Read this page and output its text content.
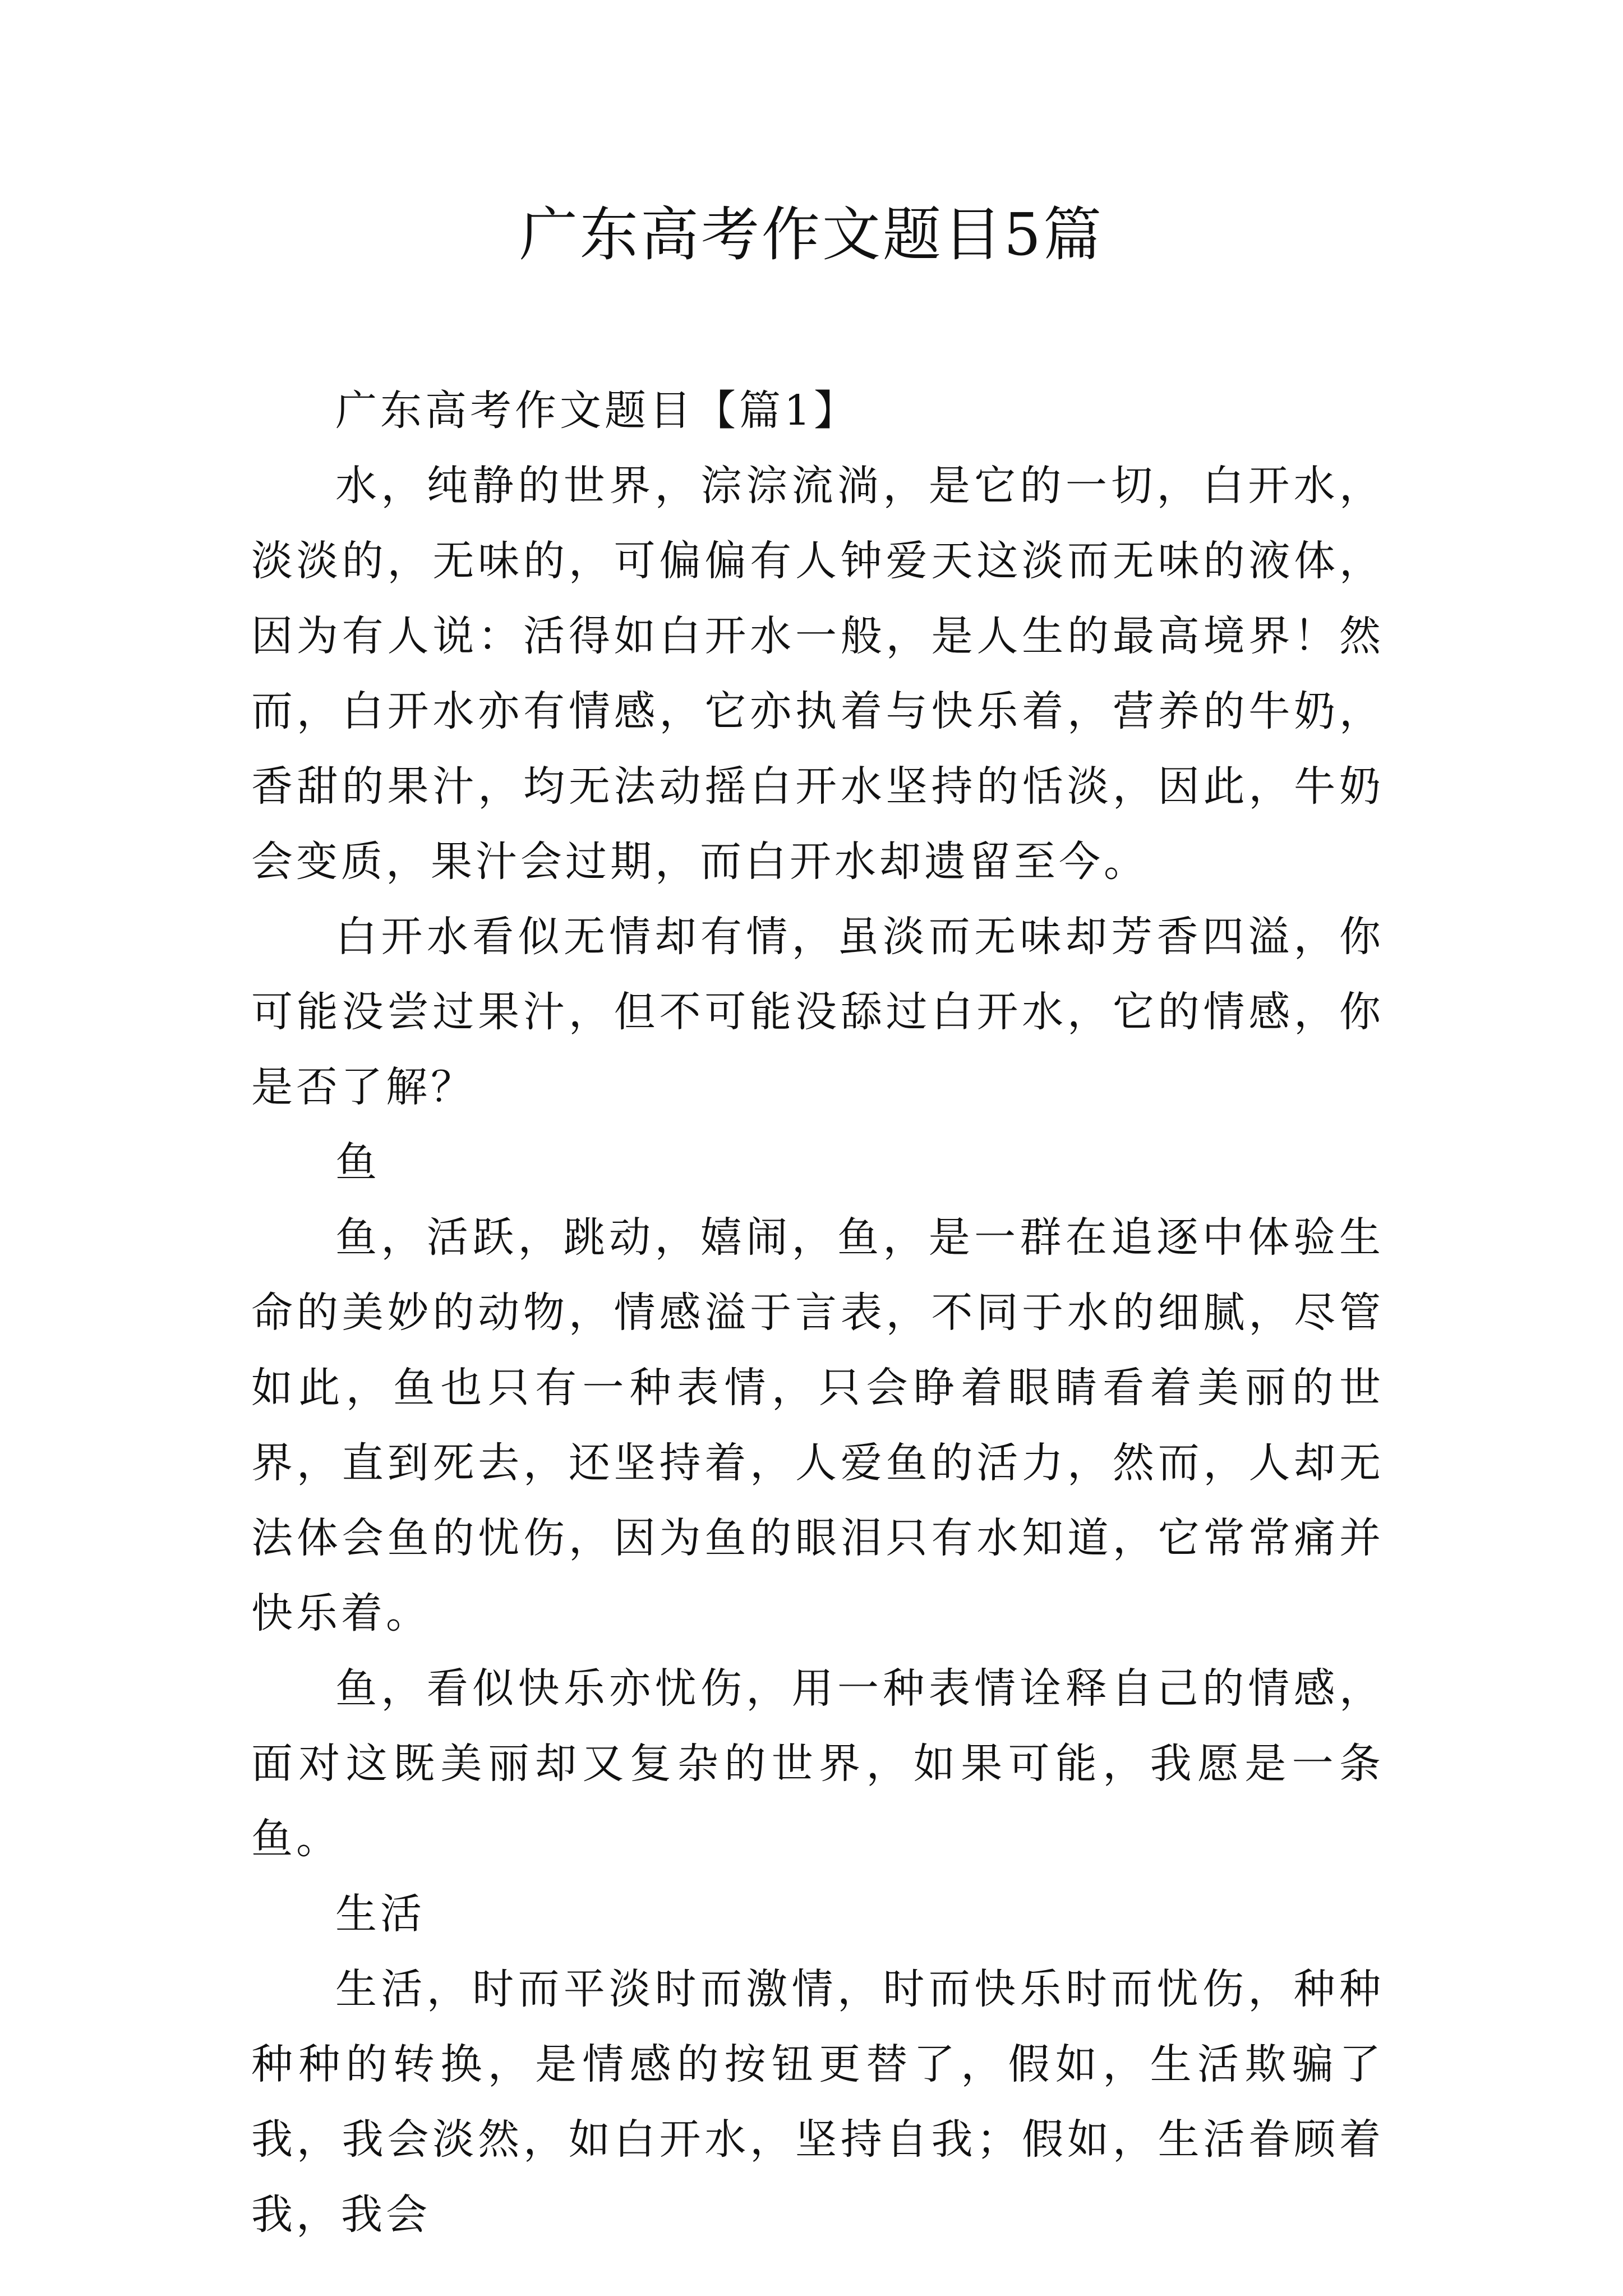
广东高考作文题目5篇

广东高考作文题目【篇1】

水，纯静的世界，淙淙流淌，是它的一切，白开水，淡淡的，无味的，可偏偏有人钟爱天这淡而无味的液体，因为有人说：活得如白开水一般，是人生的最高境界！然而，白开水亦有情感，它亦执着与快乐着，营养的牛奶，香甜的果汁，均无法动摇白开水坚持的恬淡，因此，牛奶会变质，果汁会过期，而白开水却遗留至今。

白开水看似无情却有情，虽淡而无味却芳香四溢，你可能没尝过果汁，但不可能没舔过白开水，它的情感，你是否了解？

鱼

鱼，活跃，跳动，嬉闹，鱼，是一群在追逐中体验生命的美妙的动物，情感溢于言表，不同于水的细腻，尽管如此，鱼也只有一种表情，只会睁着眼睛看着美丽的世界，直到死去，还坚持着，人爱鱼的活力，然而，人却无法体会鱼的忧伤，因为鱼的眼泪只有水知道，它常常痛并快乐着。

鱼，看似快乐亦忧伤，用一种表情诠释自己的情感，面对这既美丽却又复杂的世界，如果可能，我愿是一条鱼。

生活

生活，时而平淡时而激情，时而快乐时而忧伤，种种种种的转换，是情感的按钮更替了，假如，生活欺骗了我，我会淡然，如白开水，坚持自我；假如，生活眷顾着我，我会
